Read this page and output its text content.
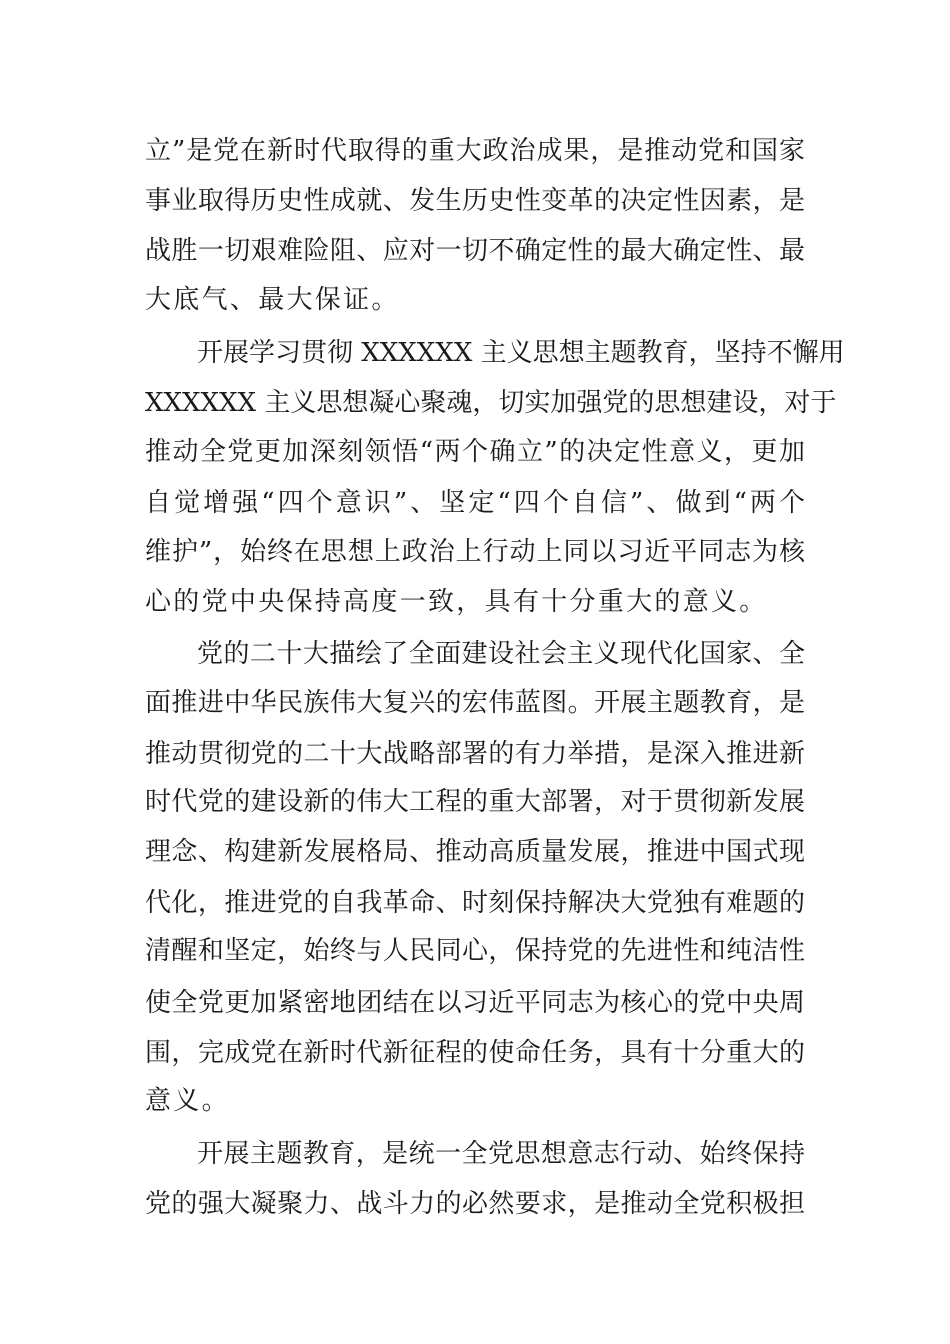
立”是党在新时代取得的重大政治成果，是推动党和国家
事业取得历史性成就、发生历史性变革的决定性因素，是
战胜一切艰难险阻、应对一切不确定性的最大确定性、最
大底气、最大保证。
开展学习贯彻 XXXXXX 主义思想主题教育，坚持不懈用
XXXXXX 主义思想凝心聚魂，切实加强党的思想建设，对于
推动全党更加深刻领悟“两个确立”的决定性意义，更加
自觉增强“四个意识”、坚定“四个自信”、做到“两个
维护”，始终在思想上政治上行动上同以习近平同志为核
心的党中央保持高度一致，具有十分重大的意义。
党的二十大描绘了全面建设社会主义现代化国家、全
面推进中华民族伟大复兴的宏伟蓝图。开展主题教育，是
推动贯彻党的二十大战略部署的有力举措，是深入推进新
时代党的建设新的伟大工程的重大部署，对于贯彻新发展
理念、构建新发展格局、推动高质量发展，推进中国式现
代化，推进党的自我革命、时刻保持解决大党独有难题的
清醒和坚定，始终与人民同心，保持党的先进性和纯洁性
使全党更加紧密地团结在以习近平同志为核心的党中央周
围，完成党在新时代新征程的使命任务，具有十分重大的
意义。
开展主题教育，是统一全党思想意志行动、始终保持
党的强大凝聚力、战斗力的必然要求，是推动全党积极担
